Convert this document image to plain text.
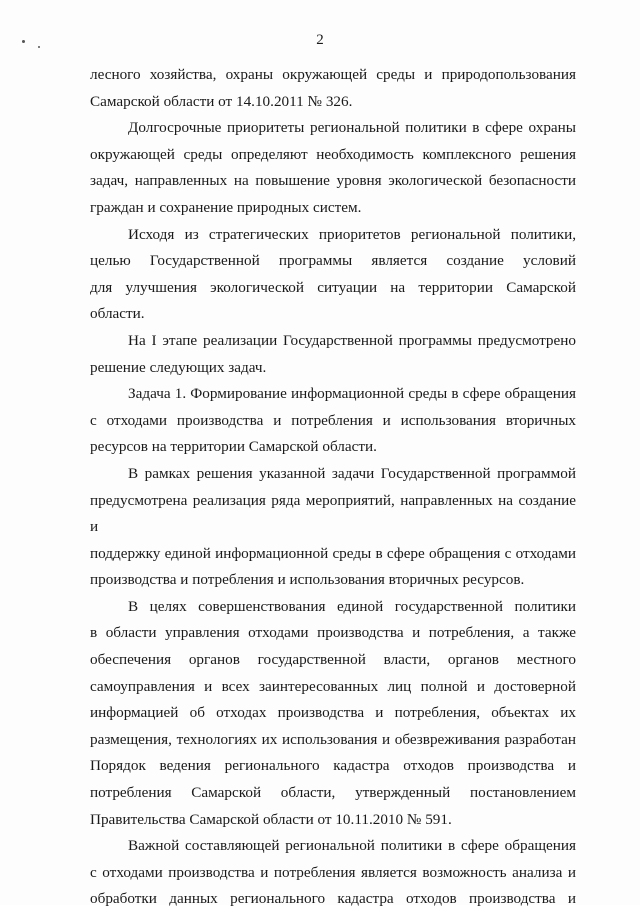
2
лесного хозяйства, охраны окружающей среды и природопользования
Самарской области от 14.10.2011 № 326.
Долгосрочные приоритеты региональной политики в сфере охраны
окружающей среды определяют необходимость комплексного решения
задач, направленных на повышение уровня экологической безопасности
граждан и сохранение природных систем.
Исходя из стратегических приоритетов региональной политики,
целью Государственной программы является создание условий
для улучшения экологической ситуации на территории Самарской области.
На I этапе реализации Государственной программы предусмотрено
решение следующих задач.
Задача 1. Формирование информационной среды в сфере обращения
с отходами производства и потребления и использования вторичных
ресурсов на территории Самарской области.
В рамках решения указанной задачи Государственной программой
предусмотрена реализация ряда мероприятий, направленных на создание и
поддержку единой информационной среды в сфере обращения с отходами
производства и потребления и использования вторичных ресурсов.
В целях совершенствования единой государственной политики
в области управления отходами производства и потребления, а также
обеспечения органов государственной власти, органов местного
самоуправления и всех заинтересованных лиц полной и достоверной
информацией об отходах производства и потребления, объектах их
размещения, технологиях их использования и обезвреживания разработан
Порядок ведения регионального кадастра отходов производства и
потребления Самарской области, утвержденный постановлением
Правительства Самарской области от 10.11.2010 № 591.
Важной составляющей региональной политики в сфере обращения
с отходами производства и потребления является возможность анализа и
обработки данных регионального кадастра отходов производства и
